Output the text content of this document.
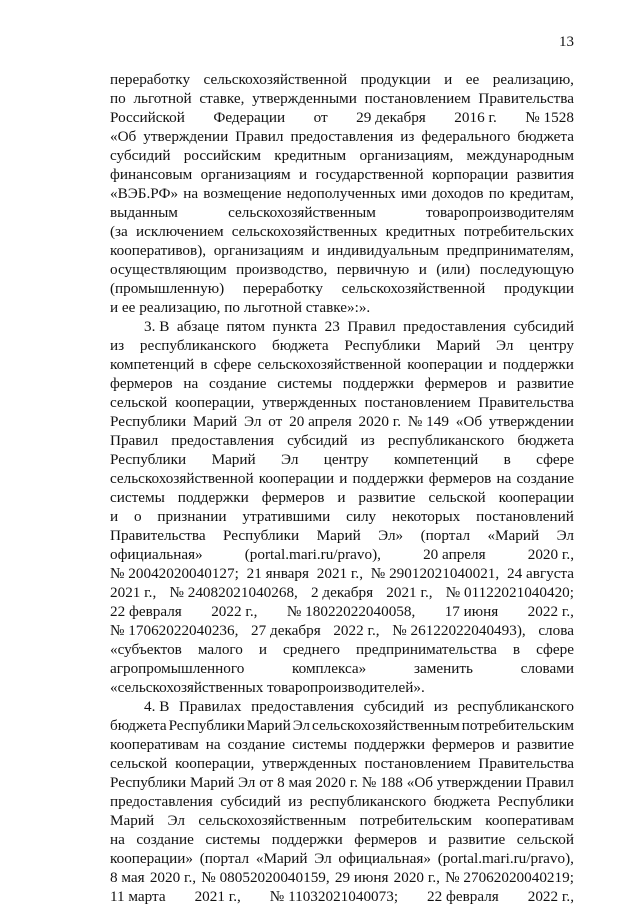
13
переработку сельскохозяйственной продукции и ее реализацию,
по льготной ставке, утвержденными постановлением Правительства
Российской Федерации от 29 декабря 2016 г. № 1528
«Об утверждении Правил предоставления из федерального бюджета
субсидий российским кредитным организациям, международным
финансовым организациям и государственной корпорации развития
«ВЭБ.РФ» на возмещение недополученных ими доходов по кредитам,
выданным	сельскохозяйственным	товаропроизводителям
(за исключением сельскохозяйственных кредитных потребительских
кооперативов), организациям и индивидуальным предпринимателям,
осуществляющим производство, первичную и (или) последующую
(промышленную) переработку сельскохозяйственной продукции
и ее реализацию, по льготной ставке»:».
3. В абзаце пятом пункта 23 Правил предоставления субсидий
из республиканского бюджета Республики Марий Эл центру
компетенций в сфере сельскохозяйственной кооперации и поддержки
фермеров на создание системы поддержки фермеров и развитие
сельской кооперации, утвержденных постановлением Правительства
Республики Марий Эл от 20 апреля 2020 г. № 149 «Об утверждении
Правил предоставления субсидий из республиканского бюджета
Республики Марий Эл центру компетенций в сфере
сельскохозяйственной кооперации и поддержки фермеров на создание
системы поддержки фермеров и развитие сельской кооперации
и о признании утратившими силу некоторых постановлений
Правительства Республики Марий Эл» (портал «Марий Эл
официальная»	(portal.mari.ru/pravo),	20 апреля	2020 г.,
№ 20042020040127; 21 января 2021 г., № 29012021040021, 24 августа
2021 г., № 24082021040268, 2 декабря 2021 г., № 01122021040420;
22 февраля 2022 г., № 18022022040058, 17 июня 2022 г.,
№ 17062022040236, 27 декабря 2022 г., № 26122022040493), слова
«субъектов малого и среднего предпринимательства в сфере
агропромышленного	комплекса»	заменить	словами
«сельскохозяйственных товаропроизводителей».
4. В Правилах предоставления субсидий из республиканского
бюджета Республики Марий Эл сельскохозяйственным потребительским
кооперативам на создание системы поддержки фермеров и развитие
сельской кооперации, утвержденных постановлением Правительства
Республики Марий Эл от 8 мая 2020 г. № 188 «Об утверждении Правил
предоставления субсидий из республиканского бюджета Республики
Марий Эл сельскохозяйственным потребительским кооперативам
на создание системы поддержки фермеров и развитие сельской
кооперации» (портал «Марий Эл официальная» (portal.mari.ru/pravo),
8 мая 2020 г., № 08052020040159, 29 июня 2020 г., № 27062020040219;
11 марта 2021 г., № 11032021040073; 22 февраля 2022 г.,
